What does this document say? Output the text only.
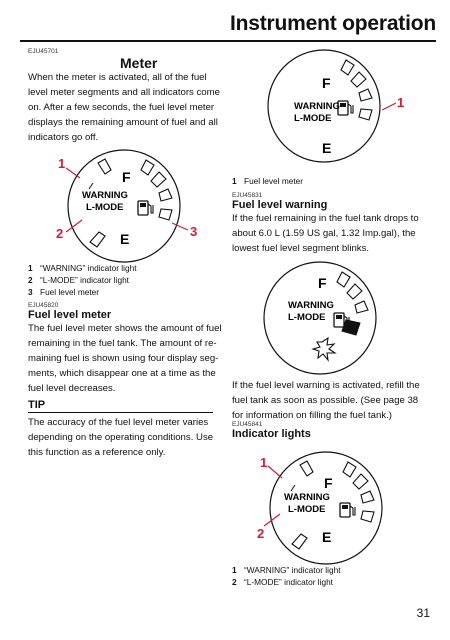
Instrument operation
EJU45701
Meter
When the meter is activated, all of the fuel
level meter segments and all indicators come
on. After a few seconds, the fuel level meter
displays the remaining amount of fuel and all
indicators go off.
1 “WARNING” indicator light
2 “L-MODE” indicator light
3 Fuel level meter
EJU45820
Fuel level meter
The fuel level meter shows the amount of fuel
remaining in the fuel tank. The amount of re-
maining fuel is shown using four display seg-
ments, which disappear one at a time as the
fuel level decreases.
TIP
The accuracy of the fuel level meter varies
depending on the operating conditions. Use
this function as a reference only.
1 Fuel level meter
EJU45831
Fuel level warning
If the fuel remaining in the fuel tank drops to
about 6.0 L (1.59 US gal, 1.32 Imp.gal), the
lowest fuel level segment blinks.
If the fuel level warning is activated, refill the
fuel tank as soon as possible. (See page 38
for information on filling the fuel tank.)
EJU45841
Indicator lights
1 “WARNING” indicator light
2 “L-MODE” indicator light
31
F
WARNING
L-MODE
E
1
F
WARNING
L-MODE
E
1
2	3
F
WARNING
L-MODE
F
WARNING
L-MODE
E
1
2
